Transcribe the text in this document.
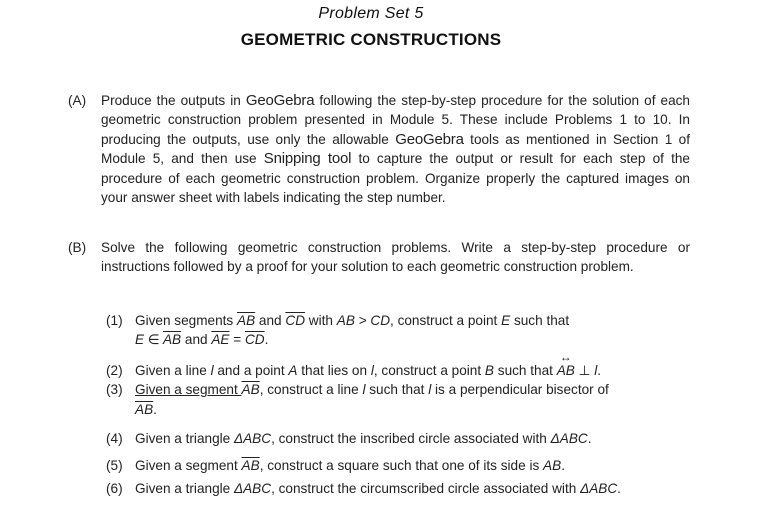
Problem Set 5
GEOMETRIC CONSTRUCTIONS
(A) Produce the outputs in GeoGebra following the step-by-step procedure for the solution of each geometric construction problem presented in Module 5. These include Problems 1 to 10. In producing the outputs, use only the allowable GeoGebra tools as mentioned in Section 1 of Module 5, and then use Snipping tool to capture the output or result for each step of the procedure of each geometric construction problem. Organize properly the captured images on your answer sheet with labels indicating the step number.
(B) Solve the following geometric construction problems. Write a step-by-step procedure or instructions followed by a proof for your solution to each geometric construction problem.
(1) Given segments $\overline{AB}$ and $\overline{CD}$ with AB > CD, construct a point E such that
E ∈ $\overline{AB}$ and $\overline{AE} = \overline{CD}$.
(2) Given a line l and a point A that lies on l, construct a point B such that ↔ AB ⊥ l.
(3) Given a segment $\overline{AB}$, construct a line l such that l is a perpendicular bisector of
$\overline{AB}$.
(4) Given a triangle ΔABC, construct the inscribed circle associated with ΔABC.
(5) Given a segment $\overline{AB}$, construct a square such that one of its side is AB.
(6) Given a triangle ΔABC, construct the circumscribed circle associated with ΔABC.
